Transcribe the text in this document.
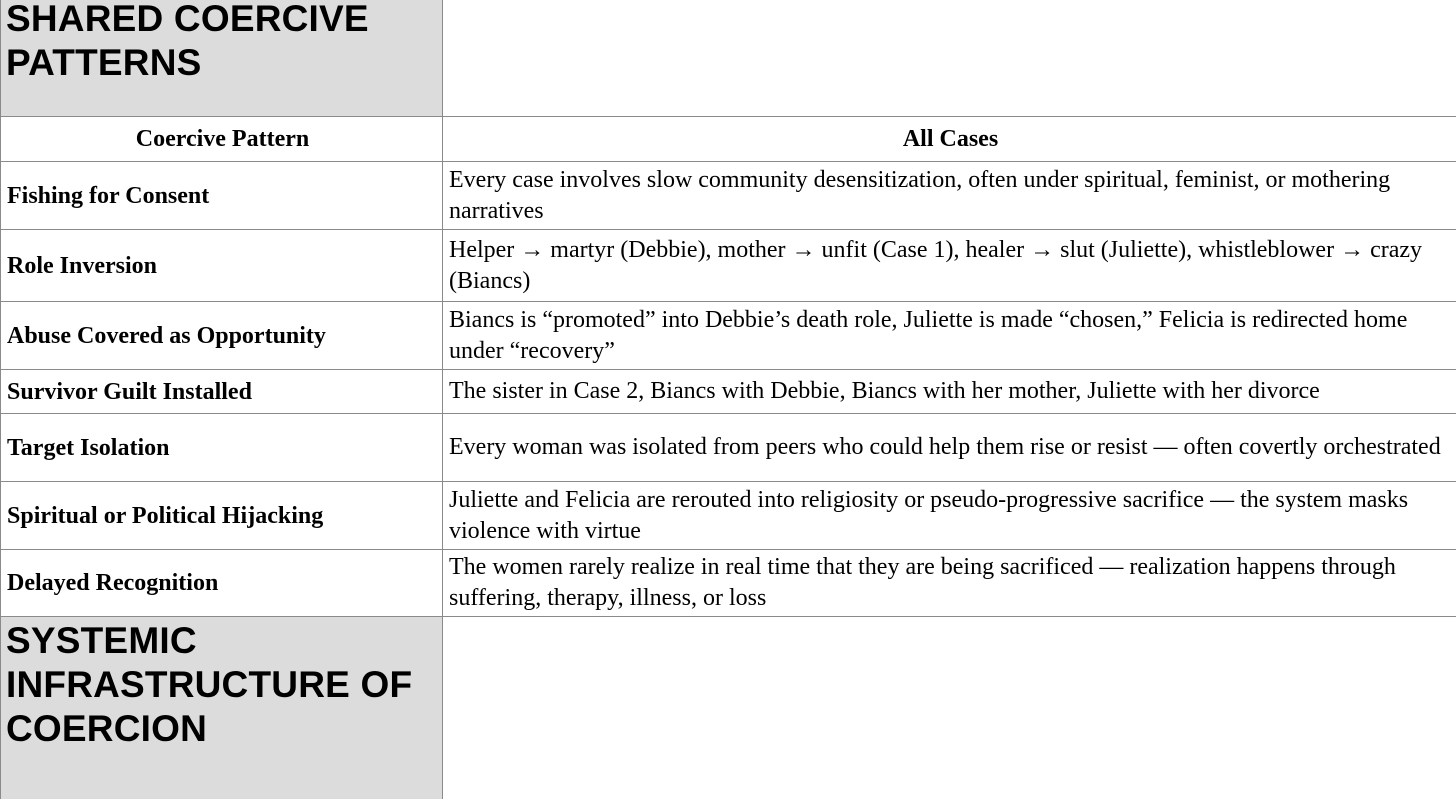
SHARED COERCIVE PATTERNS	
Coercive Pattern	All Cases
Fishing for Consent	Every case involves slow community desensitization, often under spiritual, feminist, or mothering narratives
Role Inversion	Helper → martyr (Debbie), mother → unfit (Case 1), healer → slut (Juliette), whistleblower → crazy (Biancs)
Abuse Covered as Opportunity	Biancs is “promoted” into Debbie’s death role, Juliette is made “chosen,” Felicia is redirected home under “recovery”
Survivor Guilt Installed	The sister in Case 2, Biancs with Debbie, Biancs with her mother, Juliette with her divorce
Target Isolation	Every woman was isolated from peers who could help them rise or resist — often covertly orchestrated
Spiritual or Political Hijacking	Juliette and Felicia are rerouted into religiosity or pseudo-progressive sacrifice — the system masks violence with virtue
Delayed Recognition	The women rarely realize in real time that they are being sacrificed — realization happens through suffering, therapy, illness, or loss
SYSTEMIC INFRASTRUCTURE OF COERCION	
